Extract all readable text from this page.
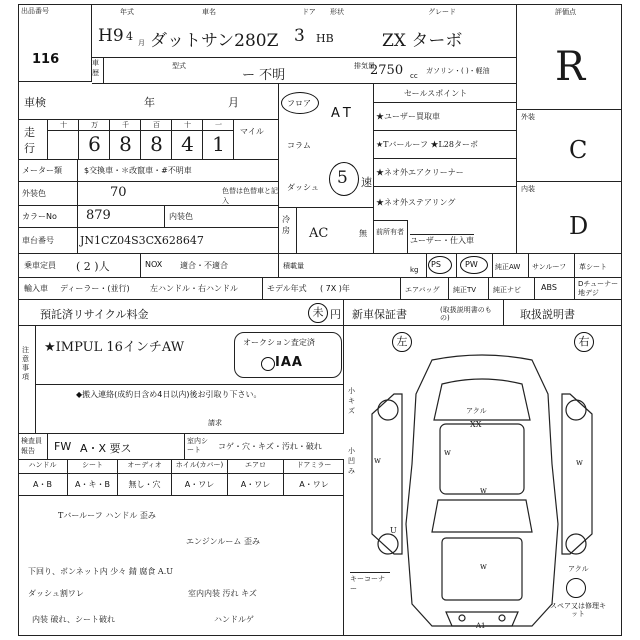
出品番号
116
年式	車名	ドア 形状	グレード
H9 4 月 ダットサン280Z 3 HB	ZX ターボ
評価点
R
車歴
型式
ー 不明
排気量
2750 cc
ガソリン・( )・軽油
車検	年	月
走行
十	万
6
千
8
百
8
十
4
一
1
マイル
メーター類	$交換車・＊改竄車・#不明車
外装色	70	色替は色替車と記入
カラーNo	879	内装色
車台番号	JN1CZ04S3CX628647
フロア
コラム
ダッシュ
AT
5 速
冷房	AC	無
セールスポイント
★ユーザー買取車
★Tバールーフ ★L28ターボ
★ネオ外エアクリーナー
★ネオ外ステアリング
前所有者
ユーザー・仕入車
外装
C
内装
D
乗車定員 ( 2 )人	NOX	適合・不適合	積載量	kg
PS	PW	純正AW	サンルーフ	革シート
輸入車 ディーラー・(並行)	左ハンドル・右ハンドル	モデル年式	( 7X )年	エアバッグ	純正TV	純正ナビ	ABS	Dチューナー 地デジ
預託済リサイクル料金	未 円 新車保証書	(取扱説明書のもの)	取扱説明書
注意事項
★IMPUL 16インチAW	オークション査定済
IAA
◆搬入連絡(成約日含め4日以内)後お引取り下さい。
請求
検査員報告	FW A・X 要ス
室内シート	コゲ・穴・キズ・汚れ・破れ
ハンドル	シート	オーディオ	ホイル(カバー)	エアロ	ドアミラー
A・B	A・キ・B	無し・穴	A・ワレ	A・ワレ	A・ワレ
Tバールーフ ハンドル 歪み
エンジンルーム 歪み
下回り、ボンネット内 少々 錆 腐食 A.U
ダッシュ割ワレ	室内内装 汚れ キズ
内装 破れ、シート破れ	ハンドルゲ
左	右
小キズ
小凹み
アクル
XX
w
w	w
w
w
U
アクル
A1
キーコーナー
スペア又は修理キット
